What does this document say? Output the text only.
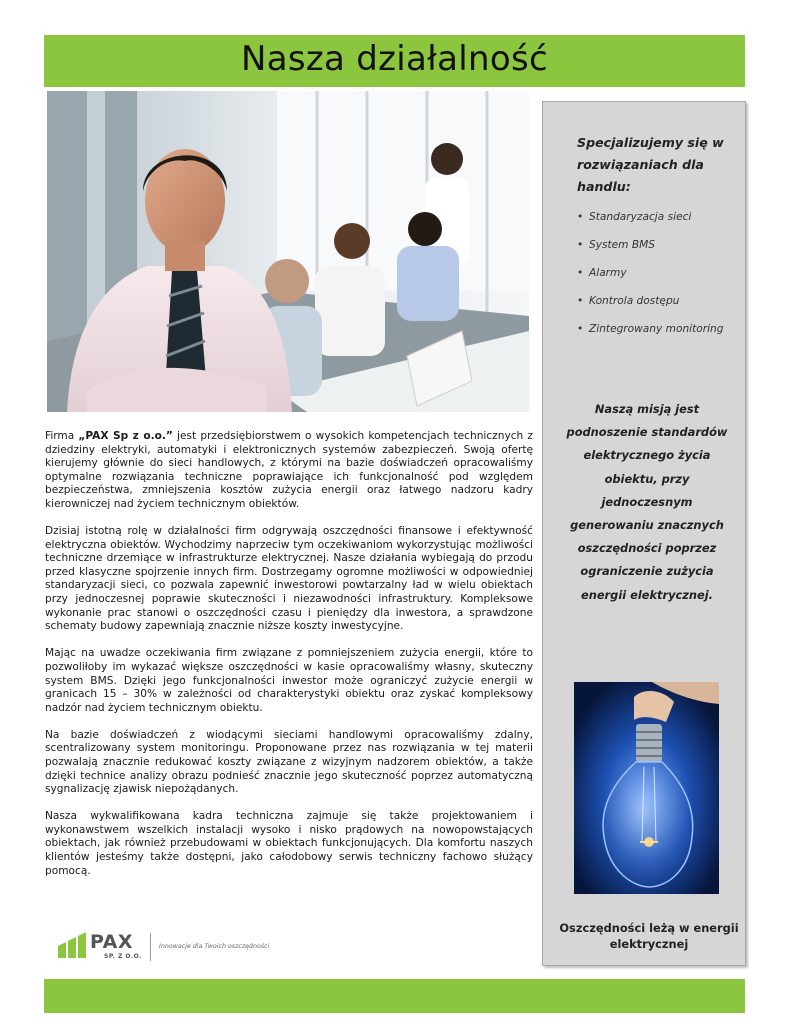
Nasza działalność

Firma „PAX Sp z o.o.” jest przedsiębiorstwem o wysokich kompetencjach technicznych z dziedziny elektryki, automatyki i elektronicznych systemów zabezpieczeń. Swoją ofertę kierujemy głównie do sieci handlowych, z którymi na bazie doświadczeń opracowaliśmy optymalne rozwiązania techniczne poprawiające ich funkcjonalność pod względem bezpieczeństwa, zmniejszenia kosztów zużycia energii oraz łatwego nadzoru kadry kierowniczej nad życiem technicznym obiektów.

Dzisiaj istotną rolę w działalności firm odgrywają oszczędności finansowe i efektywność elektryczna obiektów. Wychodzimy naprzeciw tym oczekiwaniom wykorzystując możliwości techniczne drzemiące w infrastrukturze elektrycznej. Nasze działania wybiegają do przodu przed klasyczne spojrzenie innych firm. Dostrzegamy ogromne możliwości w odpowiedniej standaryzacji sieci, co pozwala zapewnić inwestorowi powtarzalny ład w wielu obiektach przy jednoczesnej poprawie skuteczności i niezawodności infrastruktury. Kompleksowe wykonanie prac stanowi o oszczędności czasu i pieniędzy dla inwestora, a sprawdzone schematy budowy zapewniają znacznie niższe koszty inwestycyjne.

Mając na uwadze oczekiwania firm związane z pomniejszeniem zużycia energii, które to pozwoliłoby im wykazać większe oszczędności w kasie opracowaliśmy własny, skuteczny system BMS. Dzięki jego funkcjonalności inwestor może ograniczyć zużycie energii w granicach 15 – 30% w zależności od charakterystyki obiektu oraz zyskać kompleksowy nadzór nad życiem technicznym obiektu.

Na bazie doświadczeń z wiodącymi sieciami handlowymi opracowaliśmy zdalny, scentralizowany system monitoringu. Proponowane przez nas rozwiązania w tej materii pozwalają znacznie redukować koszty związane z wizyjnym nadzorem obiektów, a także dzięki technice analizy obrazu podnieść znacznie jego skuteczność poprzez automatyczną sygnalizację zjawisk niepożądanych.

Nasza wykwalifikowana kadra techniczna zajmuje się także projektowaniem i wykonawstwem wszelkich instalacji wysoko i nisko prądowych na nowopowstających obiektach, jak również przebudowami w obiektach funkcjonujących. Dla komfortu naszych klientów jesteśmy także dostępni, jako całodobowy serwis techniczny fachowo służący pomocą.

PAX
SP. Z O.O.
Innowacje dla Twoich oszczędności
Specjalizujemy się w rozwiązaniach dla handlu:
• Standaryzacja sieci
• System BMS
• Alarmy
• Kontrola dostępu
• Zintegrowany monitoring

Naszą misją jest podnoszenie standardów elektrycznego życia obiektu, przy jednoczesnym generowaniu znacznych oszczędności poprzez ograniczenie zużycia energii elektrycznej.

Oszczędności leżą w energii elektrycznej
